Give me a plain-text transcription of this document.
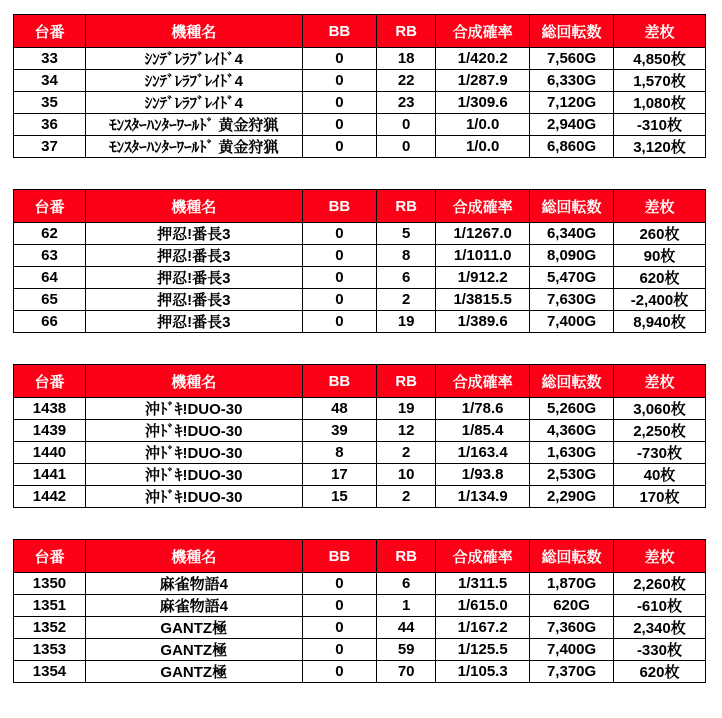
台番	機種名	BB	RB	合成確率	総回転数	差枚
33	ｼﾝﾃﾞﾚﾗﾌﾞﾚｲﾄﾞ4	0	18	1/420.2	7,560G	4,850枚
34	ｼﾝﾃﾞﾚﾗﾌﾞﾚｲﾄﾞ4	0	22	1/287.9	6,330G	1,570枚
35	ｼﾝﾃﾞﾚﾗﾌﾞﾚｲﾄﾞ4	0	23	1/309.6	7,120G	1,080枚
36	ﾓﾝｽﾀｰﾊﾝﾀｰﾜｰﾙﾄﾞ 黄金狩猟	0	0	1/0.0	2,940G	-310枚
37	ﾓﾝｽﾀｰﾊﾝﾀｰﾜｰﾙﾄﾞ 黄金狩猟	0	0	1/0.0	6,860G	3,120枚
台番	機種名	BB	RB	合成確率	総回転数	差枚
62	押忍!番長3	0	5	1/1267.0	6,340G	260枚
63	押忍!番長3	0	8	1/1011.0	8,090G	90枚
64	押忍!番長3	0	6	1/912.2	5,470G	620枚
65	押忍!番長3	0	2	1/3815.5	7,630G	-2,400枚
66	押忍!番長3	0	19	1/389.6	7,400G	8,940枚
台番	機種名	BB	RB	合成確率	総回転数	差枚
1438	沖ﾄﾞｷ!DUO-30	48	19	1/78.6	5,260G	3,060枚
1439	沖ﾄﾞｷ!DUO-30	39	12	1/85.4	4,360G	2,250枚
1440	沖ﾄﾞｷ!DUO-30	8	2	1/163.4	1,630G	-730枚
1441	沖ﾄﾞｷ!DUO-30	17	10	1/93.8	2,530G	40枚
1442	沖ﾄﾞｷ!DUO-30	15	2	1/134.9	2,290G	170枚
台番	機種名	BB	RB	合成確率	総回転数	差枚
1350	麻雀物語4	0	6	1/311.5	1,870G	2,260枚
1351	麻雀物語4	0	1	1/615.0	620G	-610枚
1352	GANTZ極	0	44	1/167.2	7,360G	2,340枚
1353	GANTZ極	0	59	1/125.5	7,400G	-330枚
1354	GANTZ極	0	70	1/105.3	7,370G	620枚
